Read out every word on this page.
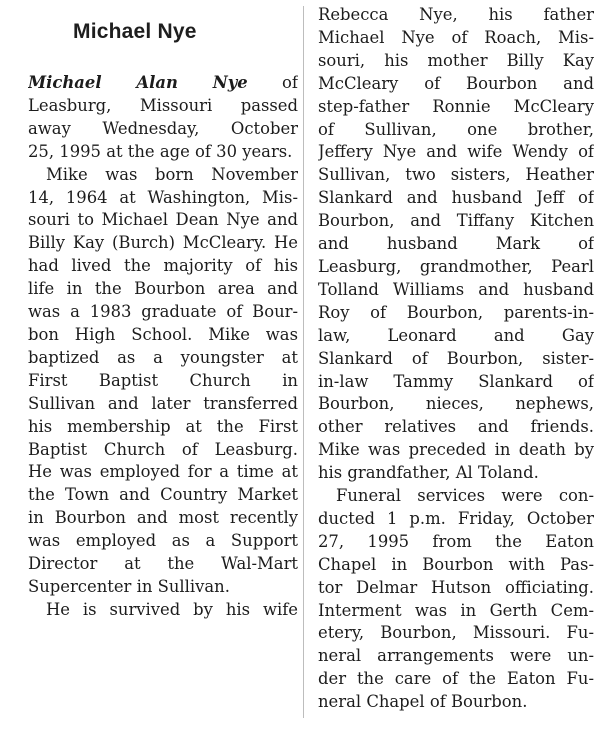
Michael Nye
Michael Alan Nye of
Leasburg, Missouri passed
away Wednesday, October
25, 1995 at the age of 30 years.
Mike was born November
14, 1964 at Washington, Mis-
souri to Michael Dean Nye and
Billy Kay (Burch) McCleary. He
had lived the majority of his
life in the Bourbon area and
was a 1983 graduate of Bour-
bon High School. Mike was
baptized as a youngster at
First Baptist Church in
Sullivan and later transferred
his membership at the First
Baptist Church of Leasburg.
He was employed for a time at
the Town and Country Market
in Bourbon and most recently
was employed as a Support
Director at the Wal-Mart
Supercenter in Sullivan.
He is survived by his wife
Rebecca Nye, his father
Michael Nye of Roach, Mis-
souri, his mother Billy Kay
McCleary of Bourbon and
step-father Ronnie McCleary
of Sullivan, one brother,
Jeffery Nye and wife Wendy of
Sullivan, two sisters, Heather
Slankard and husband Jeff of
Bourbon, and Tiffany Kitchen
and husband Mark of
Leasburg, grandmother, Pearl
Tolland Williams and husband
Roy of Bourbon, parents-in-
law, Leonard and Gay
Slankard of Bourbon, sister-
in-law Tammy Slankard of
Bourbon, nieces, nephews,
other relatives and friends.
Mike was preceded in death by
his grandfather, Al Toland.
Funeral services were con-
ducted 1 p.m. Friday, October
27, 1995 from the Eaton
Chapel in Bourbon with Pas-
tor Delmar Hutson officiating.
Interment was in Gerth Cem-
etery, Bourbon, Missouri. Fu-
neral arrangements were un-
der the care of the Eaton Fu-
neral Chapel of Bourbon.
